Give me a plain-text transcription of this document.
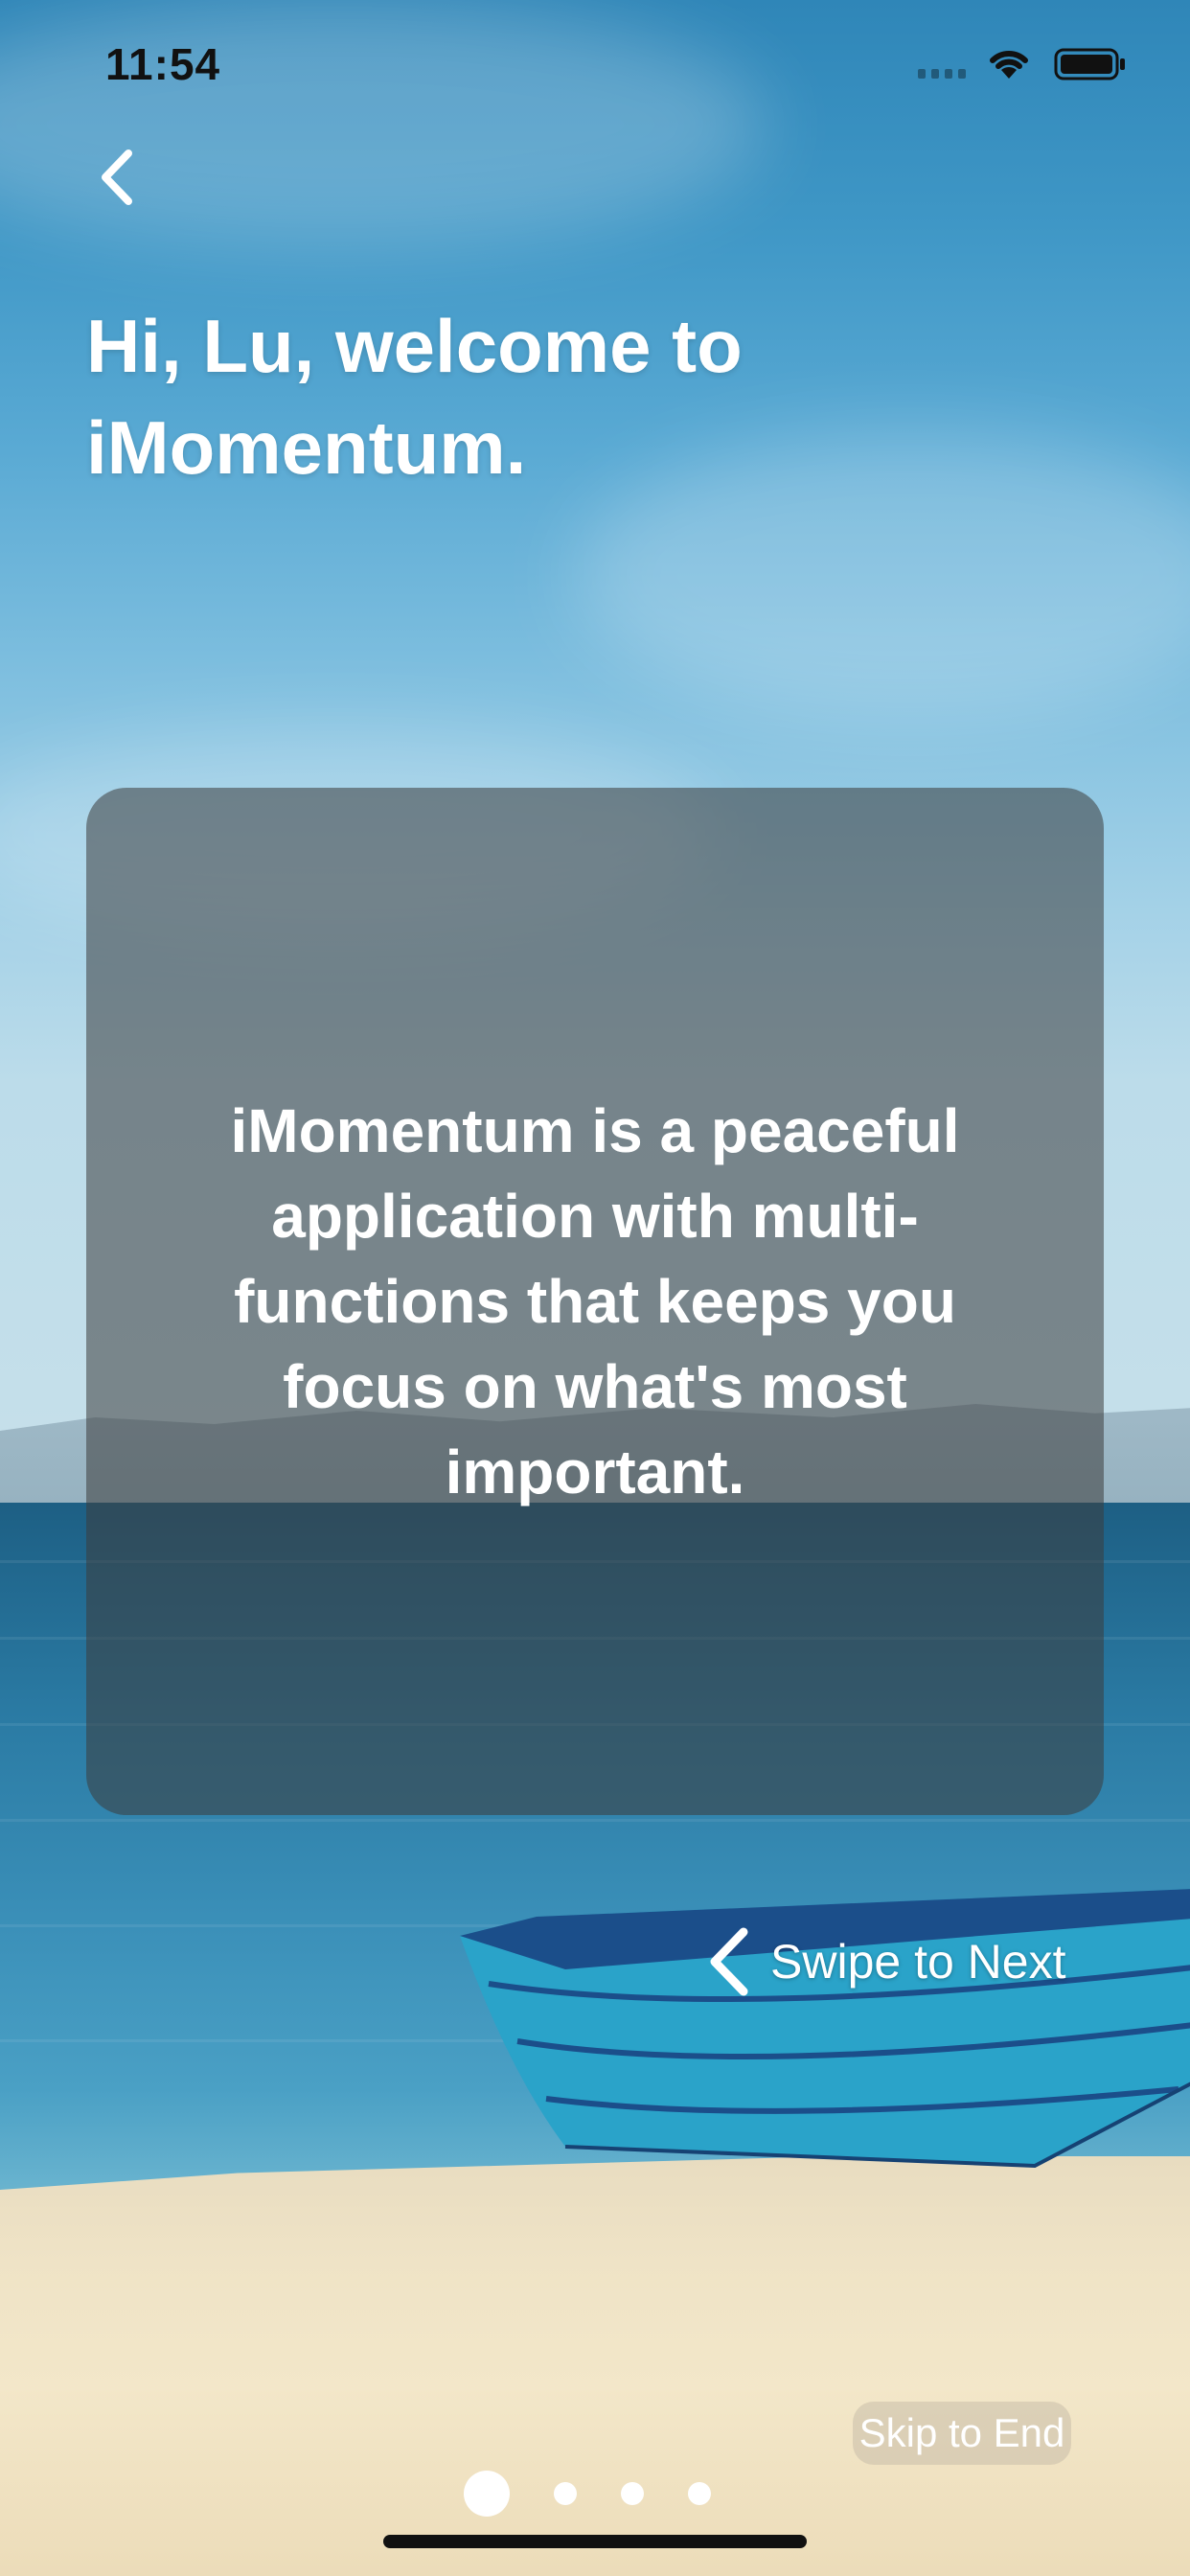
11:54
Hi, Lu, welcome to iMomentum.
iMomentum is a peaceful application with multi-functions that keeps you focus on what's most important.
Swipe to Next
Skip to End
